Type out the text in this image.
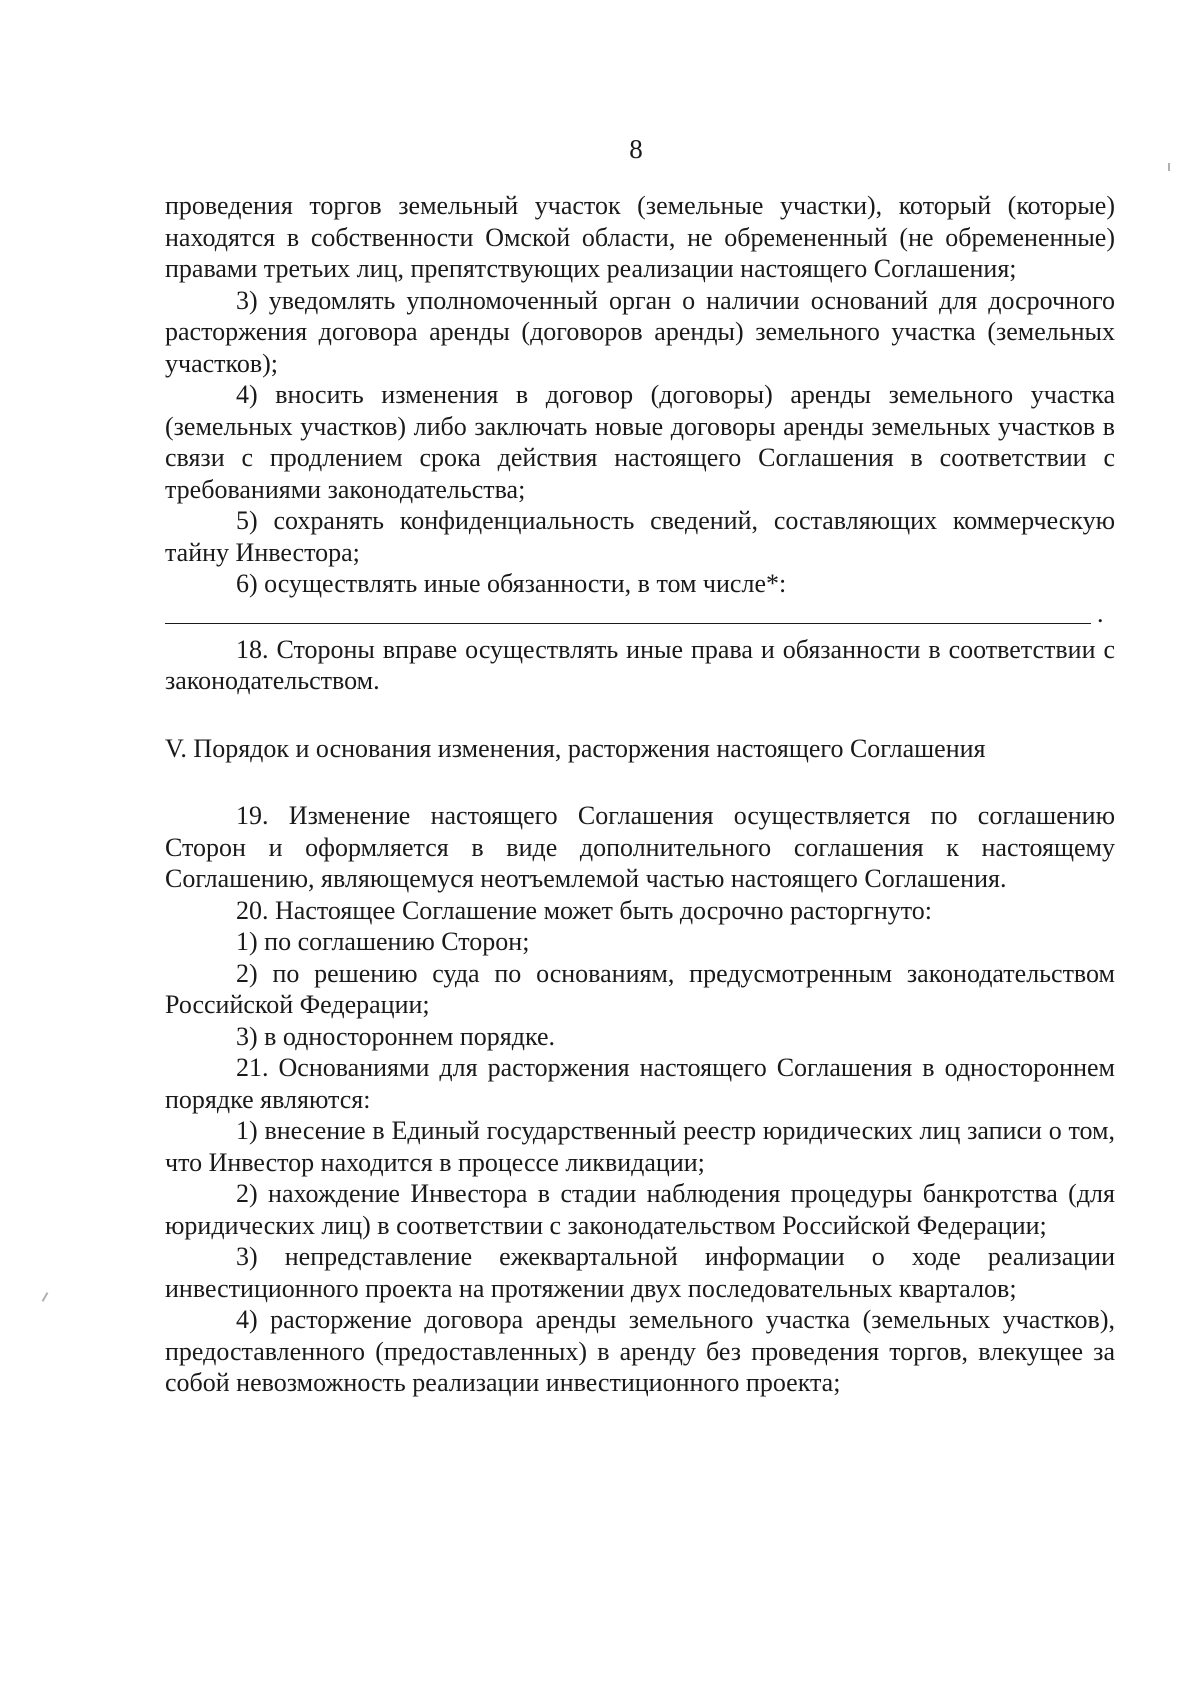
8

проведения торгов земельный участок (земельные участки), который (которые) находятся в собственности Омской области, не обремененный (не обремененные) правами третьих лиц, препятствующих реализации настоящего Соглашения;

3) уведомлять уполномоченный орган о наличии оснований для досрочного расторжения договора аренды (договоров аренды) земельного участка (земельных участков);

4) вносить изменения в договор (договоры) аренды земельного участка (земельных участков) либо заключать новые договоры аренды земельных участков в связи с продлением срока действия настоящего Соглашения в соответствии с требованиями законодательства;

5) сохранять конфиденциальность сведений, составляющих коммерческую тайну Инвестора;

6) осуществлять иные обязанности, в том числе*:

.

18. Стороны вправе осуществлять иные права и обязанности в соответствии с законодательством.

V. Порядок и основания изменения, расторжения настоящего Соглашения

19. Изменение настоящего Соглашения осуществляется по соглашению Сторон и оформляется в виде дополнительного соглашения к настоящему Соглашению, являющемуся неотъемлемой частью настоящего Соглашения.

20. Настоящее Соглашение может быть досрочно расторгнуто:

1) по соглашению Сторон;

2) по решению суда по основаниям, предусмотренным законодательством Российской Федерации;

3) в одностороннем порядке.

21. Основаниями для расторжения настоящего Соглашения в одностороннем порядке являются:

1) внесение в Единый государственный реестр юридических лиц записи о том, что Инвестор находится в процессе ликвидации;

2) нахождение Инвестора в стадии наблюдения процедуры банкротства (для юридических лиц) в соответствии с законодательством Российской Федерации;

3) непредставление ежеквартальной информации о ходе реализации инвестиционного проекта на протяжении двух последовательных кварталов;

4) расторжение договора аренды земельного участка (земельных участков), предоставленного (предоставленных) в аренду без проведения торгов, влекущее за собой невозможность реализации инвестиционного проекта;
